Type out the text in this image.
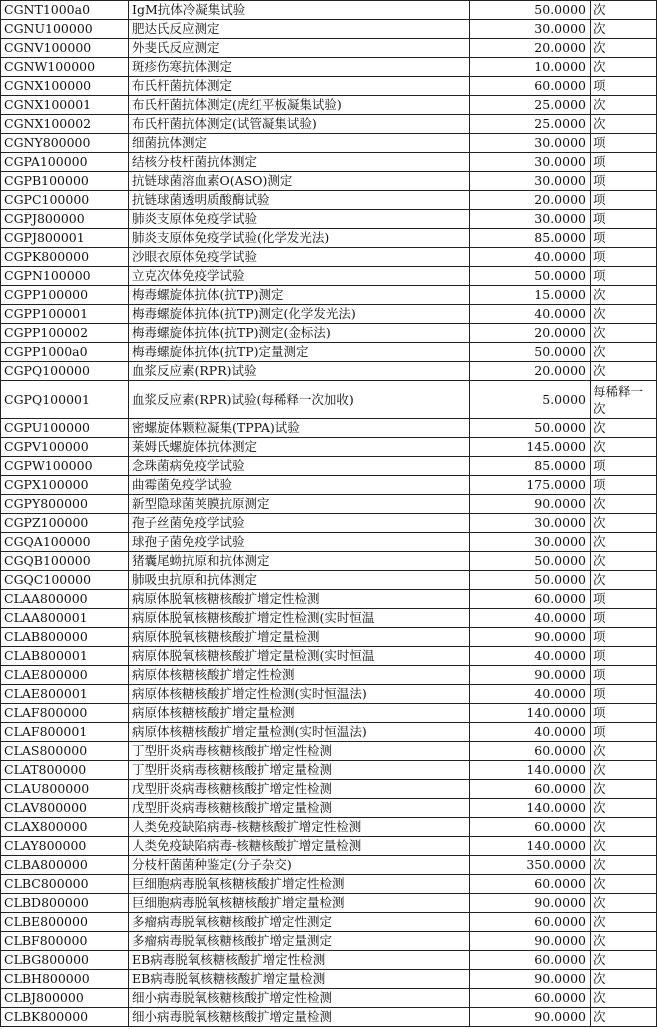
CGNT1000a0	IgM抗体冷凝集试验	50.0000	次
CGNU100000	肥达氏反应测定	30.0000	次
CGNV100000	外斐氏反应测定	20.0000	次
CGNW100000	斑疹伤寒抗体测定	10.0000	次
CGNX100000	布氏杆菌抗体测定	60.0000	项
CGNX100001	布氏杆菌抗体测定(虎红平板凝集试验)	25.0000	次
CGNX100002	布氏杆菌抗体测定(试管凝集试验)	25.0000	次
CGNY800000	细菌抗体测定	30.0000	项
CGPA100000	结核分枝杆菌抗体测定	30.0000	项
CGPB100000	抗链球菌溶血素O(ASO)测定	30.0000	项
CGPC100000	抗链球菌透明质酸酶试验	20.0000	项
CGPJ800000	肺炎支原体免疫学试验	30.0000	项
CGPJ800001	肺炎支原体免疫学试验(化学发光法)	85.0000	项
CGPK800000	沙眼衣原体免疫学试验	40.0000	项
CGPN100000	立克次体免疫学试验	50.0000	项
CGPP100000	梅毒螺旋体抗体(抗TP)测定	15.0000	次
CGPP100001	梅毒螺旋体抗体(抗TP)测定(化学发光法)	40.0000	次
CGPP100002	梅毒螺旋体抗体(抗TP)测定(金标法)	20.0000	次
CGPP1000a0	梅毒螺旋体抗体(抗TP)定量测定	50.0000	次
CGPQ100000	血浆反应素(RPR)试验	20.0000	次
CGPQ100001	血浆反应素(RPR)试验(每稀释一次加收)	5.0000	每稀释一次
CGPU100000	密螺旋体颗粒凝集(TPPA)试验	50.0000	次
CGPV100000	莱姆氏螺旋体抗体测定	145.0000	次
CGPW100000	念珠菌病免疫学试验	85.0000	项
CGPX100000	曲霉菌免疫学试验	175.0000	项
CGPY800000	新型隐球菌荚膜抗原测定	90.0000	次
CGPZ100000	孢子丝菌免疫学试验	30.0000	次
CGQA100000	球孢子菌免疫学试验	30.0000	次
CGQB100000	猪囊尾蚴抗原和抗体测定	50.0000	次
CGQC100000	肺吸虫抗原和抗体测定	50.0000	次
CLAA800000	病原体脱氧核糖核酸扩增定性检测	60.0000	项
CLAA800001	病原体脱氧核糖核酸扩增定性检测(实时恒温	40.0000	项
CLAB800000	病原体脱氧核糖核酸扩增定量检测	90.0000	项
CLAB800001	病原体脱氧核糖核酸扩增定量检测(实时恒温	40.0000	项
CLAE800000	病原体核糖核酸扩增定性检测	90.0000	项
CLAE800001	病原体核糖核酸扩增定性检测(实时恒温法)	40.0000	项
CLAF800000	病原体核糖核酸扩增定量检测	140.0000	项
CLAF800001	病原体核糖核酸扩增定量检测(实时恒温法)	40.0000	项
CLAS800000	丁型肝炎病毒核糖核酸扩增定性检测	60.0000	次
CLAT800000	丁型肝炎病毒核糖核酸扩增定量检测	140.0000	次
CLAU800000	戊型肝炎病毒核糖核酸扩增定性检测	60.0000	次
CLAV800000	戊型肝炎病毒核糖核酸扩增定量检测	140.0000	次
CLAX800000	人类免疫缺陷病毒-核糖核酸扩增定性检测	60.0000	次
CLAY800000	人类免疫缺陷病毒-核糖核酸扩增定量检测	140.0000	次
CLBA800000	分枝杆菌菌种鉴定(分子杂交)	350.0000	次
CLBC800000	巨细胞病毒脱氧核糖核酸扩增定性检测	60.0000	次
CLBD800000	巨细胞病毒脱氧核糖核酸扩增定量检测	90.0000	次
CLBE800000	多瘤病毒脱氧核糖核酸扩增定性测定	60.0000	次
CLBF800000	多瘤病毒脱氧核糖核酸扩增定量测定	90.0000	次
CLBG800000	EB病毒脱氧核糖核酸扩增定性检测	60.0000	次
CLBH800000	EB病毒脱氧核糖核酸扩增定量检测	90.0000	次
CLBJ800000	细小病毒脱氧核糖核酸扩增定性检测	60.0000	次
CLBK800000	细小病毒脱氧核糖核酸扩增定量检测	90.0000	次
